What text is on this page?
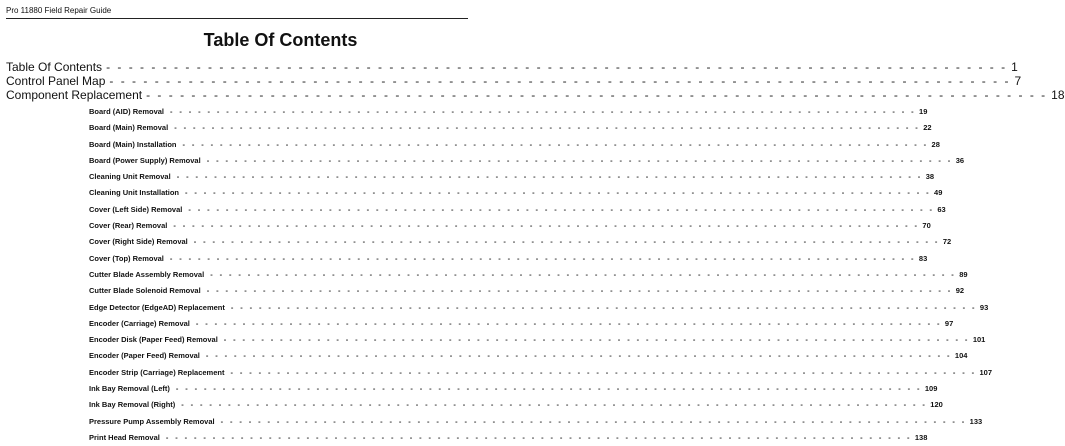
Pro 11880 Field Repair Guide
Table Of Contents
Table Of Contents - - - - - - - - - - - - - - - - - - - - - - - - - - - - - - - - - - - - - - - - - - - - - - - - - - - - - - - - - - - - - - - - - - - - - - - - - - - - - - - - 1
Control Panel Map - - - - - - - - - - - - - - - - - - - - - - - - - - - - - - - - - - - - - - - - - - - - - - - - - - - - - - - - - - - - - - - - - - - - - - - - - - - - - - - - 7
Component Replacement - - - - - - - - - - - - - - - - - - - - - - - - - - - - - - - - - - - - - - - - - - - - - - - - - - - - - - - - - - - - - - - - - - - - - - - - - - - - - - - - 18
Board (AID) Removal - - - - - - - - - - - - - - - - - - - - - - - - - - - - - - - - - - - - - - - - - - - - - - - - - - - - - - - - - - - - - - - - - - - - - - - - - - - - - - - - 19
Board (Main) Removal - - - - - - - - - - - - - - - - - - - - - - - - - - - - - - - - - - - - - - - - - - - - - - - - - - - - - - - - - - - - - - - - - - - - - - - - - - - - - - - - 22
Board (Main) Installation - - - - - - - - - - - - - - - - - - - - - - - - - - - - - - - - - - - - - - - - - - - - - - - - - - - - - - - - - - - - - - - - - - - - - - - - - - - - - - - - 28
Board (Power Supply) Removal - - - - - - - - - - - - - - - - - - - - - - - - - - - - - - - - - - - - - - - - - - - - - - - - - - - - - - - - - - - - - - - - - - - - - - - - - - - - - - - - 36
Cleaning Unit Removal - - - - - - - - - - - - - - - - - - - - - - - - - - - - - - - - - - - - - - - - - - - - - - - - - - - - - - - - - - - - - - - - - - - - - - - - - - - - - - - - 38
Cleaning Unit Installation - - - - - - - - - - - - - - - - - - - - - - - - - - - - - - - - - - - - - - - - - - - - - - - - - - - - - - - - - - - - - - - - - - - - - - - - - - - - - - - - 49
Cover (Left Side) Removal - - - - - - - - - - - - - - - - - - - - - - - - - - - - - - - - - - - - - - - - - - - - - - - - - - - - - - - - - - - - - - - - - - - - - - - - - - - - - - - - 63
Cover (Rear) Removal - - - - - - - - - - - - - - - - - - - - - - - - - - - - - - - - - - - - - - - - - - - - - - - - - - - - - - - - - - - - - - - - - - - - - - - - - - - - - - - - 70
Cover (Right Side) Removal - - - - - - - - - - - - - - - - - - - - - - - - - - - - - - - - - - - - - - - - - - - - - - - - - - - - - - - - - - - - - - - - - - - - - - - - - - - - - - - - 72
Cover (Top) Removal - - - - - - - - - - - - - - - - - - - - - - - - - - - - - - - - - - - - - - - - - - - - - - - - - - - - - - - - - - - - - - - - - - - - - - - - - - - - - - - - 83
Cutter Blade Assembly Removal - - - - - - - - - - - - - - - - - - - - - - - - - - - - - - - - - - - - - - - - - - - - - - - - - - - - - - - - - - - - - - - - - - - - - - - - - - - - - - - - 89
Cutter Blade Solenoid Removal - - - - - - - - - - - - - - - - - - - - - - - - - - - - - - - - - - - - - - - - - - - - - - - - - - - - - - - - - - - - - - - - - - - - - - - - - - - - - - - - 92
Edge Detector (EdgeAD) Replacement - - - - - - - - - - - - - - - - - - - - - - - - - - - - - - - - - - - - - - - - - - - - - - - - - - - - - - - - - - - - - - - - - - - - - - - - - - - - - - - - 93
Encoder (Carriage) Removal - - - - - - - - - - - - - - - - - - - - - - - - - - - - - - - - - - - - - - - - - - - - - - - - - - - - - - - - - - - - - - - - - - - - - - - - - - - - - - - - 97
Encoder Disk (Paper Feed) Removal - - - - - - - - - - - - - - - - - - - - - - - - - - - - - - - - - - - - - - - - - - - - - - - - - - - - - - - - - - - - - - - - - - - - - - - - - - - - - - - - 101
Encoder (Paper Feed) Removal - - - - - - - - - - - - - - - - - - - - - - - - - - - - - - - - - - - - - - - - - - - - - - - - - - - - - - - - - - - - - - - - - - - - - - - - - - - - - - - - 104
Encoder Strip (Carriage) Replacement - - - - - - - - - - - - - - - - - - - - - - - - - - - - - - - - - - - - - - - - - - - - - - - - - - - - - - - - - - - - - - - - - - - - - - - - - - - - - - - - 107
Ink Bay Removal (Left) - - - - - - - - - - - - - - - - - - - - - - - - - - - - - - - - - - - - - - - - - - - - - - - - - - - - - - - - - - - - - - - - - - - - - - - - - - - - - - - - 109
Ink Bay Removal (Right) - - - - - - - - - - - - - - - - - - - - - - - - - - - - - - - - - - - - - - - - - - - - - - - - - - - - - - - - - - - - - - - - - - - - - - - - - - - - - - - - 120
Pressure Pump Assembly Removal - - - - - - - - - - - - - - - - - - - - - - - - - - - - - - - - - - - - - - - - - - - - - - - - - - - - - - - - - - - - - - - - - - - - - - - - - - - - - - - - 133
Print Head Removal - - - - - - - - - - - - - - - - - - - - - - - - - - - - - - - - - - - - - - - - - - - - - - - - - - - - - - - - - - - - - - - - - - - - - - - - - - - - - - - - 138
